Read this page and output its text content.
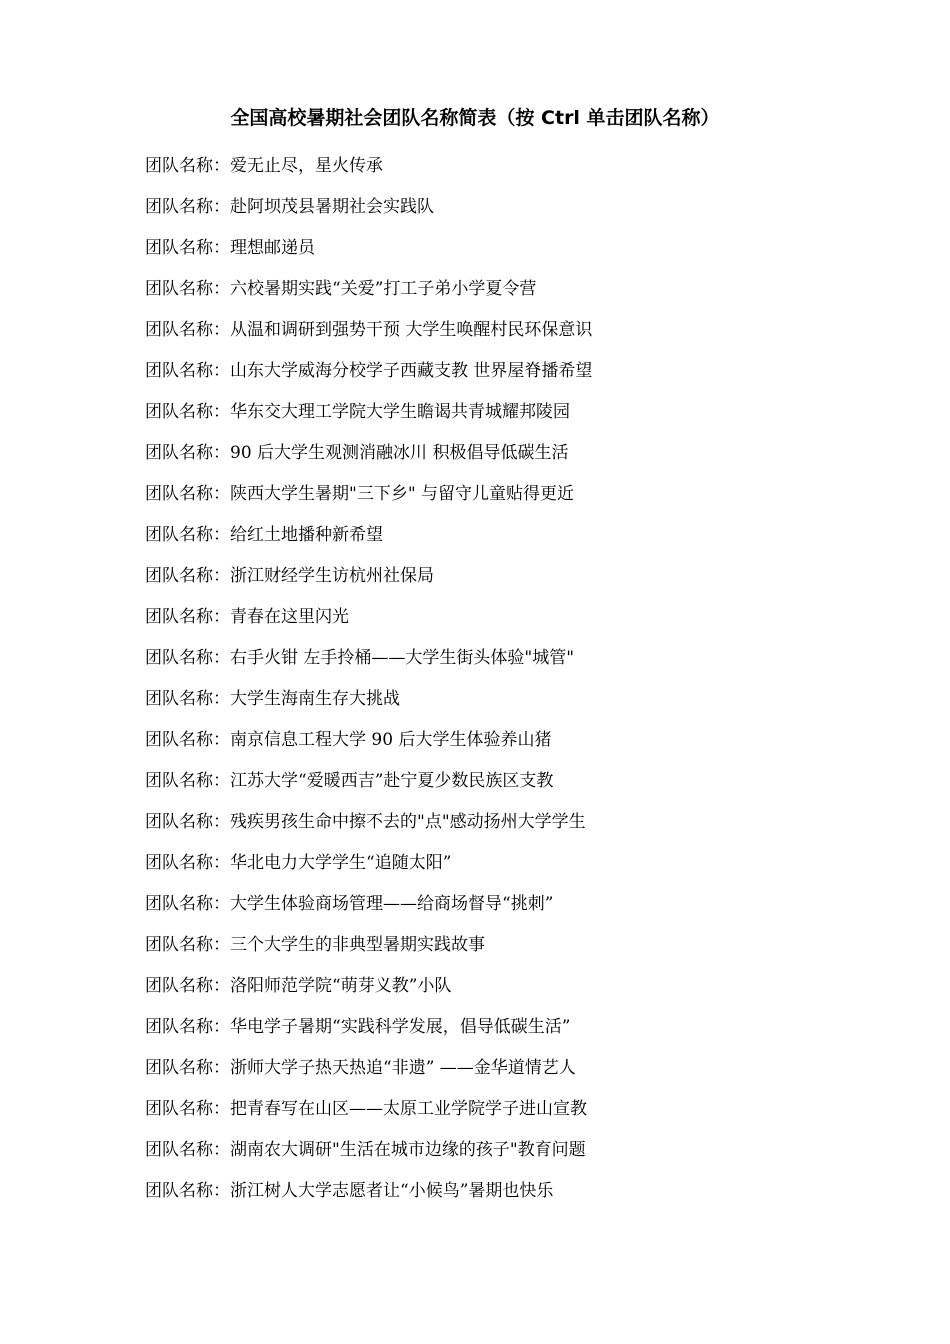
全国高校暑期社会团队名称简表（按 Ctrl 单击团队名称）
团队名称：爱无止尽，星火传承
团队名称：赴阿坝茂县暑期社会实践队
团队名称：理想邮递员
团队名称：六校暑期实践“关爱”打工子弟小学夏令营
团队名称：从温和调研到强势干预 大学生唤醒村民环保意识
团队名称：山东大学威海分校学子西藏支教 世界屋脊播希望
团队名称：华东交大理工学院大学生瞻谒共青城耀邦陵园
团队名称：90 后大学生观测消融冰川 积极倡导低碳生活
团队名称：陕西大学生暑期"三下乡" 与留守儿童贴得更近
团队名称：给红土地播种新希望
团队名称：浙江财经学生访杭州社保局
团队名称：青春在这里闪光
团队名称：右手火钳 左手拎桶——大学生街头体验"城管"
团队名称：大学生海南生存大挑战
团队名称：南京信息工程大学 90 后大学生体验养山猪
团队名称：江苏大学“爱暖西吉”赴宁夏少数民族区支教
团队名称：残疾男孩生命中擦不去的"点"感动扬州大学学生
团队名称：华北电力大学学生“追随太阳”
团队名称：大学生体验商场管理——给商场督导“挑刺”
团队名称：三个大学生的非典型暑期实践故事
团队名称：洛阳师范学院“萌芽义教”小队
团队名称：华电学子暑期“实践科学发展，倡导低碳生活”
团队名称：浙师大学子热天热追“非遗” ——金华道情艺人
团队名称：把青春写在山区——太原工业学院学子进山宣教
团队名称：湖南农大调研"生活在城市边缘的孩子"教育问题
团队名称：浙江树人大学志愿者让“小候鸟”暑期也快乐
